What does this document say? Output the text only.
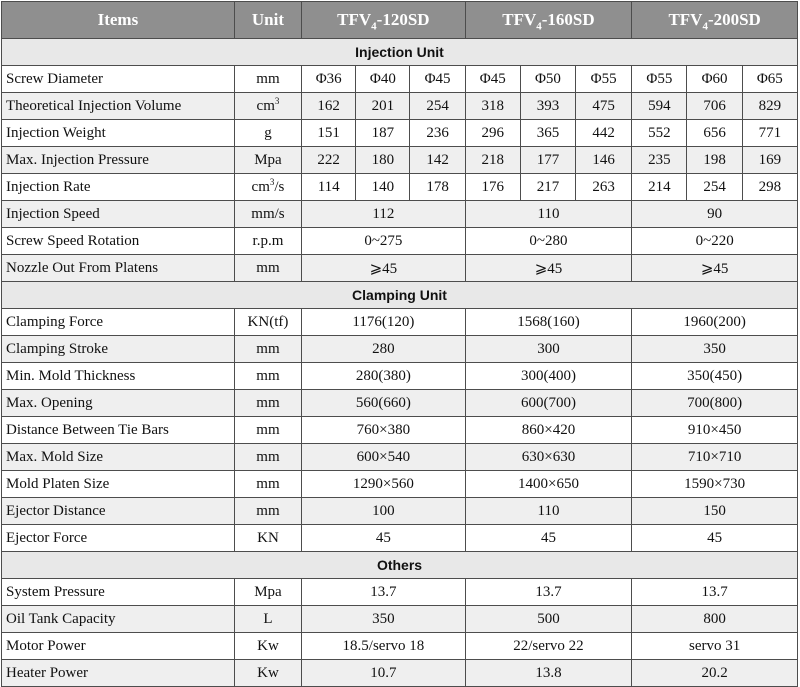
Items	Unit	$TFV_4-120SD$			$TFV_4-160SD$			$TFV_4-200SD$		
Injection Unit										
Screw Diameter	mm	Φ36	Φ40	Φ45	Φ45	Φ50	Φ55	Φ55	Φ60	Φ65
Theoretical Injection Volume	$cm^3$	162	201	254	318	393	475	594	706	829
Injection Weight	g	151	187	236	296	365	442	552	656	771
Max. Injection Pressure	Mpa	222	180	142	218	177	146	235	198	169
Injection Rate	$cm^3/s$	114	140	178	176	217	263	214	254	298
Injection Speed	mm/s	112			110			90		
Screw Speed Rotation	r.p.m	0~275			0~280			0~220		
Nozzle Out From Platens	mm	⩾45			⩾45			⩾45		
Clamping Unit										
Clamping Force	KN(tf)	1176(120)			1568(160)			1960(200)		
Clamping Stroke	mm	280			300			350		
Min. Mold Thickness	mm	280(380)			300(400)			350(450)		
Max. Opening	mm	560(660)			600(700)			700(800)		
Distance Between Tie Bars	mm	760×380			860×420			910×450		
Max. Mold Size	mm	600×540			630×630			710×710		
Mold Platen Size	mm	1290×560			1400×650			1590×730		
Ejector Distance	mm	100			110			150		
Ejector Force	KN	45			45			45		
Others										
System Pressure	Mpa	13.7			13.7			13.7		
Oil Tank Capacity	L	350			500			800		
Motor Power	Kw	18.5/servo 18			22/servo 22			servo 31		
Heater Power	Kw	10.7			13.8			20.2		
